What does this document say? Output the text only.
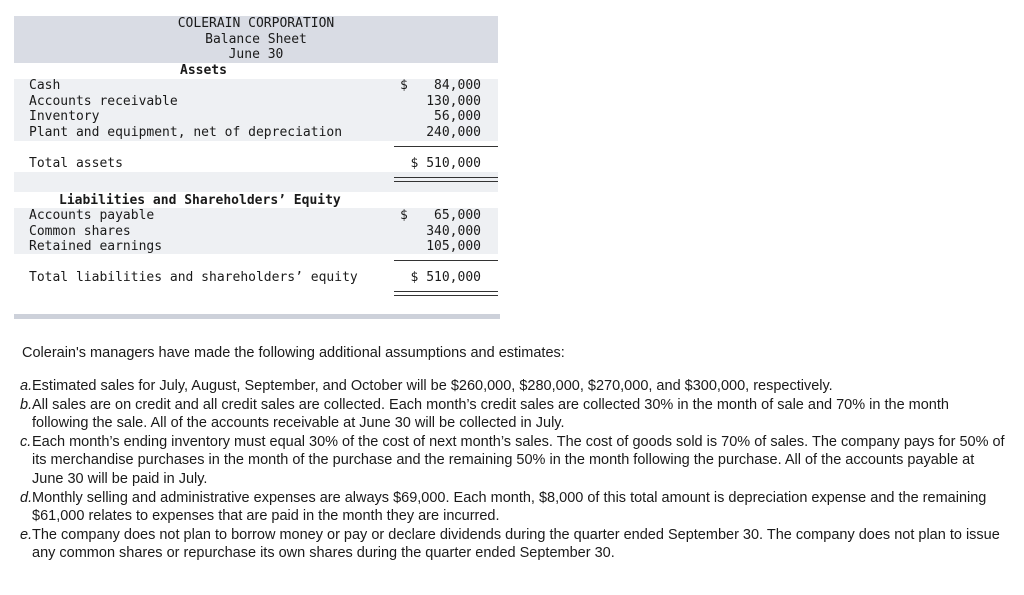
COLERAIN CORPORATION
Balance Sheet
June 30
Assets
Cash	$	84,000
Accounts receivable	130,000
Inventory	56,000
Plant and equipment, net of depreciation	240,000
Total assets	$ 510,000
Liabilities and Shareholders’ Equity
Accounts payable	$	65,000
Common shares	340,000
Retained earnings	105,000
Total liabilities and shareholders’ equity	$ 510,000

Colerain's managers have made the following additional assumptions and estimates:

a. Estimated sales for July, August, September, and October will be $260,000, $280,000, $270,000, and $300,000, respectively.
b. All sales are on credit and all credit sales are collected. Each month’s credit sales are collected 30% in the month of sale and 70% in the month following the sale. All of the accounts receivable at June 30 will be collected in July.
c. Each month’s ending inventory must equal 30% of the cost of next month’s sales. The cost of goods sold is 70% of sales. The company pays for 50% of its merchandise purchases in the month of the purchase and the remaining 50% in the month following the purchase. All of the accounts payable at June 30 will be paid in July.
d. Monthly selling and administrative expenses are always $69,000. Each month, $8,000 of this total amount is depreciation expense and the remaining $61,000 relates to expenses that are paid in the month they are incurred.
e. The company does not plan to borrow money or pay or declare dividends during the quarter ended September 30. The company does not plan to issue any common shares or repurchase its own shares during the quarter ended September 30.
